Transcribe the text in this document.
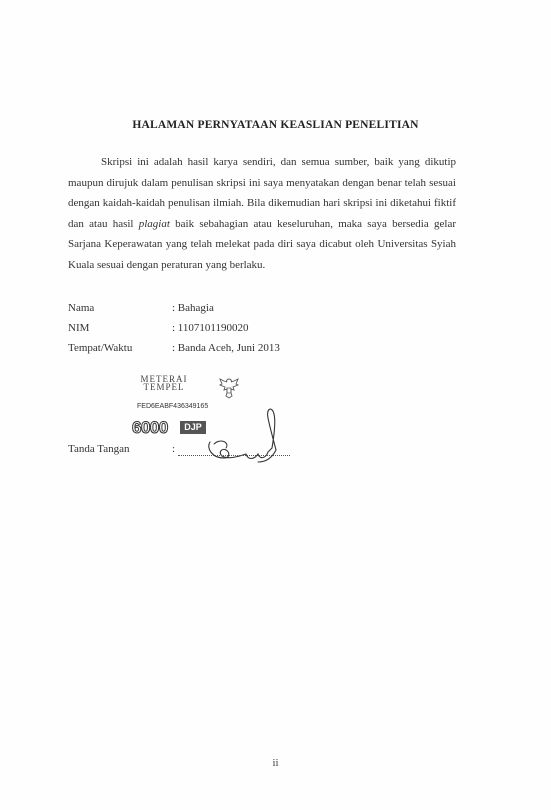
HALAMAN PERNYATAAN KEASLIAN PENELITIAN
Skripsi ini adalah hasil karya sendiri, dan semua sumber, baik yang dikutip maupun dirujuk dalam penulisan skripsi ini saya menyatakan dengan benar telah sesuai dengan kaidah-kaidah penulisan ilmiah. Bila dikemudian hari skripsi ini diketahui fiktif dan atau hasil plagiat baik sebahagian atau keseluruhan, maka saya bersedia gelar Sarjana Keperawatan yang telah melekat pada diri saya dicabut oleh Universitas Syiah Kuala sesuai dengan peraturan yang berlaku.
Nama	: Bahagia
NIM	: 1107101190020
Tempat/Waktu	: Banda Aceh, Juni 2013
METERAI TEMPEL
FED6EABF436349165
6000	DJP
Tanda Tangan	:
ii
